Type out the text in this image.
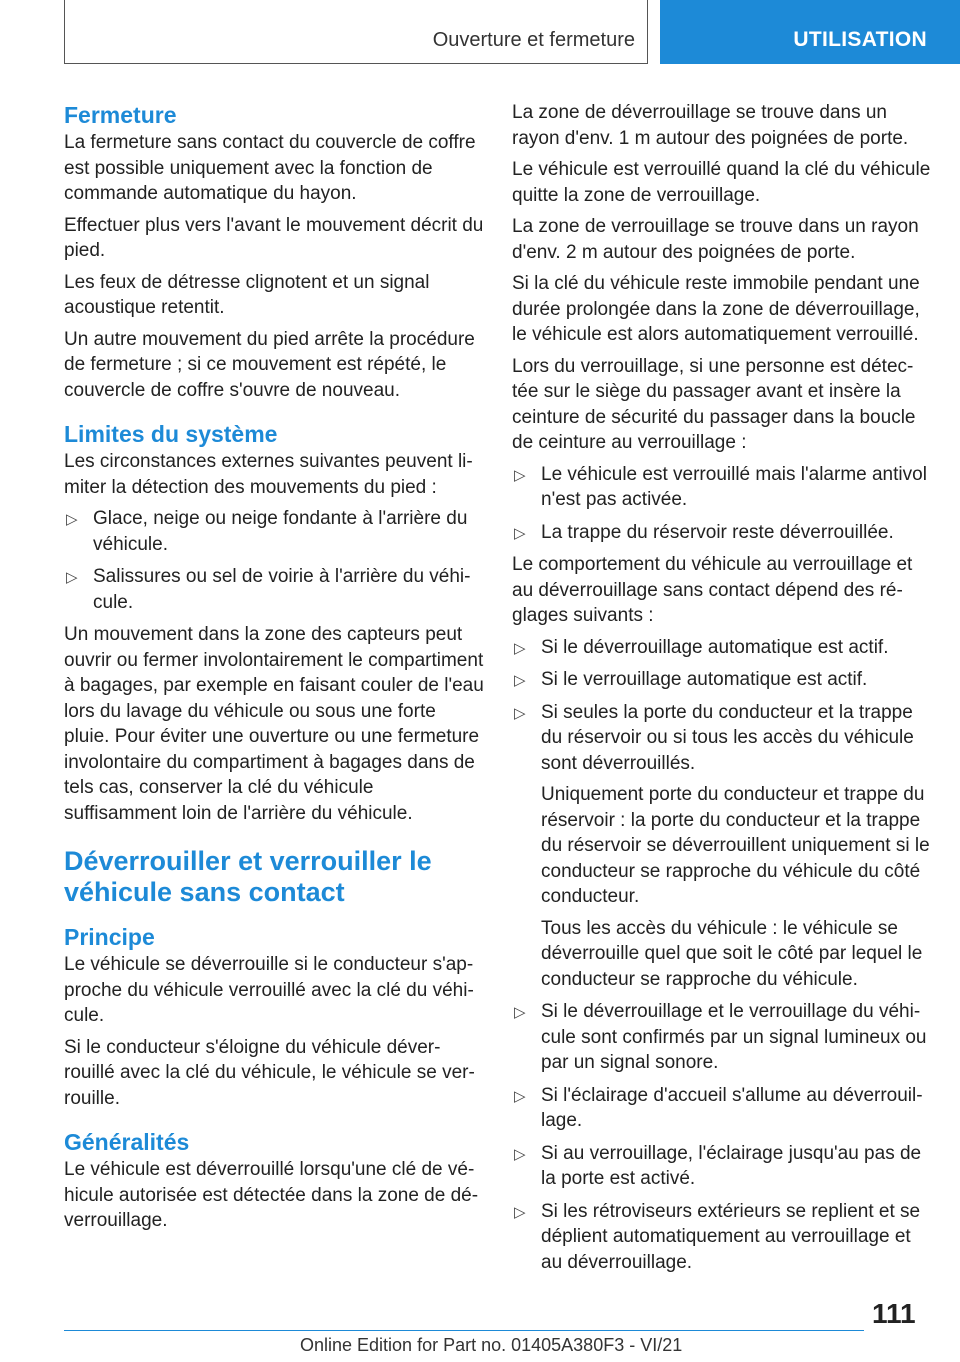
Ouverture et fermeture	UTILISATION
Fermeture

La fermeture sans contact du couvercle de coffre est possible uniquement avec la fonction de commande automatique du hayon.

Effectuer plus vers l'avant le mouvement décrit du pied.

Les feux de détresse clignotent et un signal acoustique retentit.

Un autre mouvement du pied arrête la procédure de fermeture ; si ce mouvement est répété, le couvercle de coffre s'ouvre de nouveau.

Limites du système

Les circonstances externes suivantes peuvent limiter la détection des mouvements du pied :

▷ Glace, neige ou neige fondante à l'arrière du véhicule.
▷ Salissures ou sel de voirie à l'arrière du véhicule.

Un mouvement dans la zone des capteurs peut ouvrir ou fermer involontairement le compartiment à bagages, par exemple en faisant couler de l'eau lors du lavage du véhicule ou sous une forte pluie. Pour éviter une ouverture ou une fermeture involontaire du compartiment à bagages dans de tels cas, conserver la clé du véhicule suffisamment loin de l'arrière du véhicule.

Déverrouiller et verrouiller le véhicule sans contact
Principe

Le véhicule se déverrouille si le conducteur s'approche du véhicule verrouillé avec la clé du véhicule.

Si le conducteur s'éloigne du véhicule déverrouillé avec la clé du véhicule, le véhicule se verrouille.

Généralités

Le véhicule est déverrouillé lorsqu'une clé de véhicule autorisée est détectée dans la zone de déverrouillage.

La zone de déverrouillage se trouve dans un rayon d'env. 1 m autour des poignées de porte.

Le véhicule est verrouillé quand la clé du véhicule quitte la zone de verrouillage.

La zone de verrouillage se trouve dans un rayon d'env. 2 m autour des poignées de porte.

Si la clé du véhicule reste immobile pendant une durée prolongée dans la zone de déverrouillage, le véhicule est alors automatiquement verrouillé.

Lors du verrouillage, si une personne est détectée sur le siège du passager avant et insère la ceinture de sécurité du passager dans la boucle de ceinture au verrouillage :

▷ Le véhicule est verrouillé mais l'alarme antivol n'est pas activée.
▷ La trappe du réservoir reste déverrouillée.

Le comportement du véhicule au verrouillage et au déverrouillage sans contact dépend des réglages suivants :

▷ Si le déverrouillage automatique est actif.
▷ Si le verrouillage automatique est actif.
▷ Si seules la porte du conducteur et la trappe du réservoir ou si tous les accès du véhicule sont déverrouillés.

Uniquement porte du conducteur et trappe du réservoir : la porte du conducteur et la trappe du réservoir se déverrouillent uniquement si le conducteur se rapproche du véhicule du côté conducteur.

Tous les accès du véhicule : le véhicule se déverrouille quel que soit le côté par lequel le conducteur se rapproche du véhicule.

▷ Si le déverrouillage et le verrouillage du véhicule sont confirmés par un signal lumineux ou par un signal sonore.
▷ Si l'éclairage d'accueil s'allume au déverrouillage.
▷ Si au verrouillage, l'éclairage jusqu'au pas de la porte est activé.
▷ Si les rétroviseurs extérieurs se replient et se déplient automatiquement au verrouillage et au déverrouillage.
111
Online Edition for Part no. 01405A380F3 - VI/21
